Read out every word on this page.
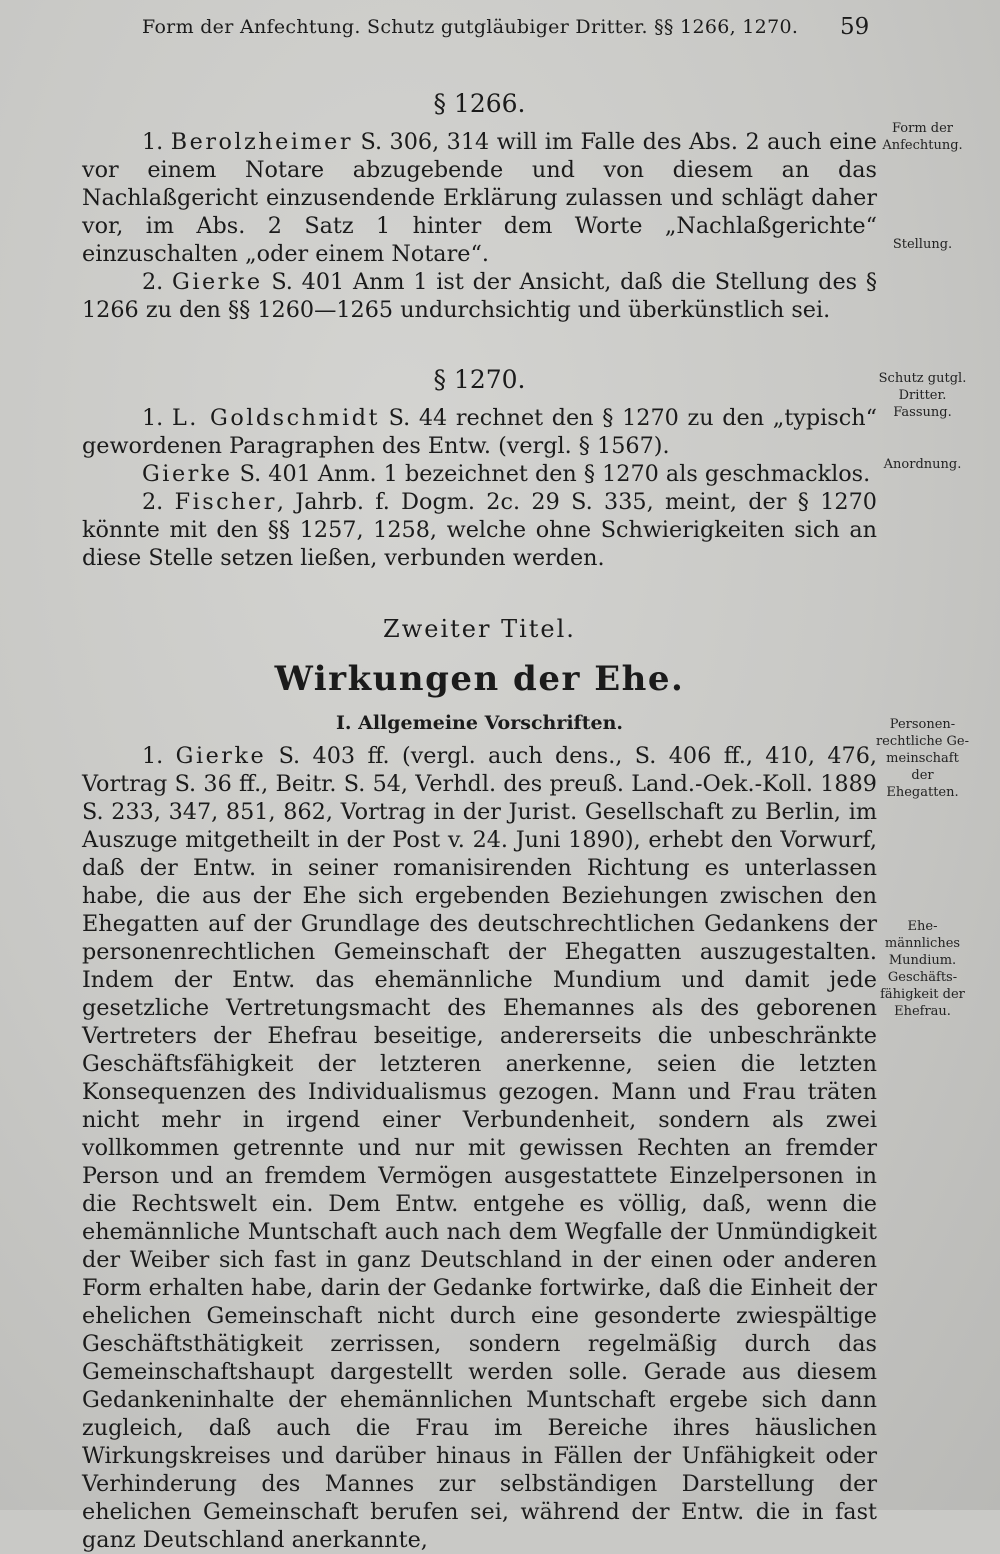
Form der Anfechtung. Schutz gutgläubiger Dritter. §§ 1266, 1270.	59
§ 1266.

1. Berolzheimer S. 306, 314 will im Falle des Abs. 2 auch eine vor einem Notare abzugebende und von diesem an das Nachlaßgericht einzusendende Erklärung zulassen und schlägt daher vor, im Abs. 2 Satz 1 hinter dem Worte „Nachlaßgerichte“ einzuschalten „oder einem Notare“.

2. Gierke S. 401 Anm 1 ist der Ansicht, daß die Stellung des § 1266 zu den §§ 1260—1265 undurchsichtig und überkünstlich sei.

§ 1270.

1. L. Goldschmidt S. 44 rechnet den § 1270 zu den „typisch“ gewordenen Paragraphen des Entw. (vergl. § 1567).

Gierke S. 401 Anm. 1 bezeichnet den § 1270 als geschmacklos.

2. Fischer, Jahrb. f. Dogm. 2c. 29 S. 335, meint, der § 1270 könnte mit den §§ 1257, 1258, welche ohne Schwierigkeiten sich an diese Stelle setzen ließen, verbunden werden.

Zweiter Titel.
Wirkungen der Ehe.
I. Allgemeine Vorschriften.

1. Gierke S. 403 ff. (vergl. auch dens., S. 406 ff., 410, 476, Vortrag S. 36 ff., Beitr. S. 54, Verhdl. des preuß. Land.-Oek.-Koll. 1889 S. 233, 347, 851, 862, Vortrag in der Jurist. Gesellschaft zu Berlin, im Auszuge mitgetheilt in der Post v. 24. Juni 1890), erhebt den Vorwurf, daß der Entw. in seiner romanisirenden Richtung es unterlassen habe, die aus der Ehe sich ergebenden Beziehungen zwischen den Ehegatten auf der Grundlage des deutschrechtlichen Gedankens der personenrechtlichen Gemeinschaft der Ehegatten auszugestalten. Indem der Entw. das ehemännliche Mundium und damit jede gesetzliche Vertretungsmacht des Ehemannes als des geborenen Vertreters der Ehefrau beseitige, andererseits die unbeschränkte Geschäftsfähigkeit der letzteren anerkenne, seien die letzten Konsequenzen des Individualismus gezogen. Mann und Frau träten nicht mehr in irgend einer Verbundenheit, sondern als zwei vollkommen getrennte und nur mit gewissen Rechten an fremder Person und an fremdem Vermögen ausgestattete Einzelpersonen in die Rechtswelt ein. Dem Entw. entgehe es völlig, daß, wenn die ehemännliche Muntschaft auch nach dem Wegfalle der Unmündigkeit der Weiber sich fast in ganz Deutschland in der einen oder anderen Form erhalten habe, darin der Gedanke fortwirke, daß die Einheit der ehelichen Gemeinschaft nicht durch eine gesonderte zwiespältige Geschäftsthätigkeit zerrissen, sondern regelmäßig durch das Gemeinschaftshaupt dargestellt werden solle. Gerade aus diesem Gedankeninhalte der ehemännlichen Muntschaft ergebe sich dann zugleich, daß auch die Frau im Bereiche ihres häuslichen Wirkungskreises und darüber hinaus in Fällen der Unfähigkeit oder Verhinderung des Mannes zur selbständigen Darstellung der ehelichen Gemeinschaft berufen sei, während der Entw. die in fast ganz Deutschland anerkannte,

Form der
Anfechtung.
Stellung.
Schutz gutgl.
Dritter.
Fassung.
Anordnung.
Personen-
rechtliche Ge-
meinschaft der
Ehegatten.
Ehe-
männliches
Mundium.
Geschäfts-
fähigkeit der
Ehefrau.
